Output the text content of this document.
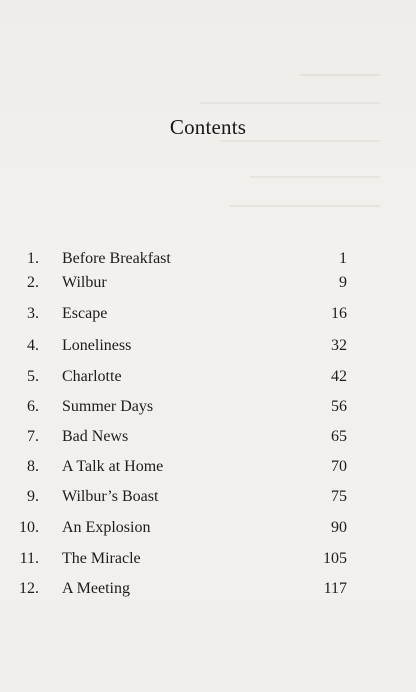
Contents
1. Before Breakfast	1
2. Wilbur	9
3. Escape	16
4. Loneliness	32
5. Charlotte	42
6. Summer Days	56
7. Bad News	65
8. A Talk at Home	70
9. Wilbur’s Boast	75
10. An Explosion	90
11. The Miracle	105
12. A Meeting	117
